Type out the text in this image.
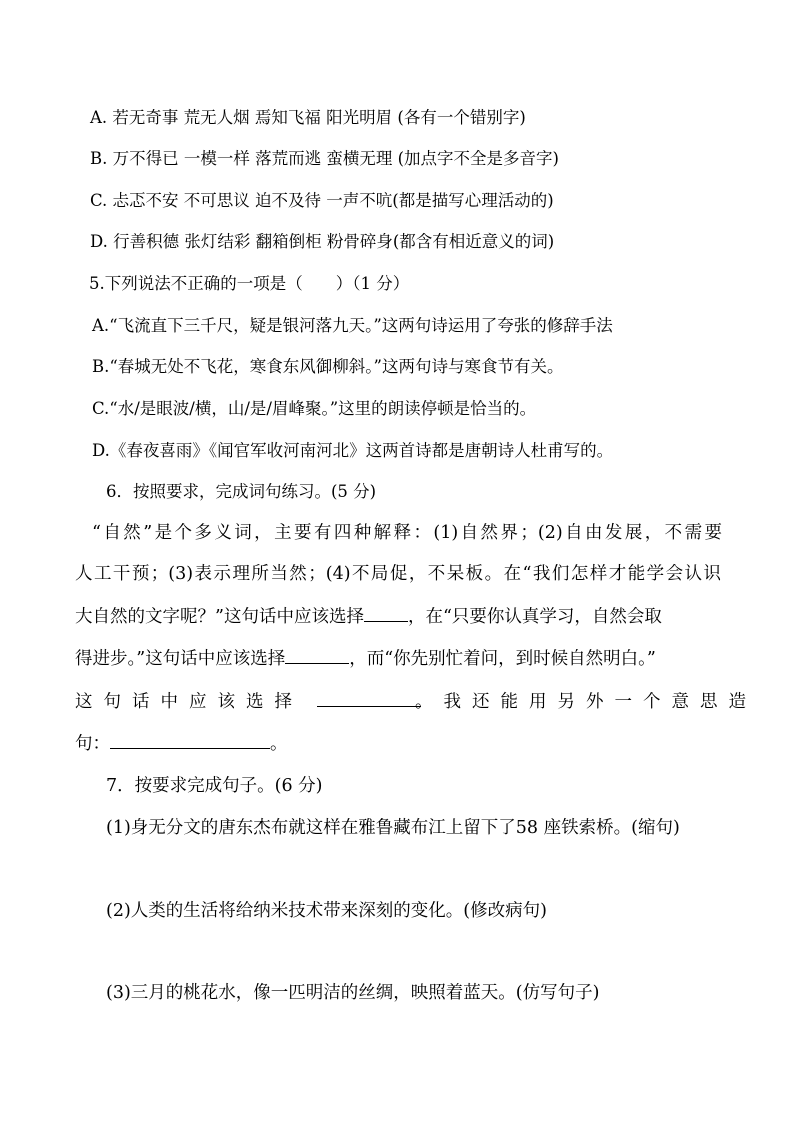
A. 若无奇事 荒无人烟 焉知飞福 阳光明眉 (各有一个错别字)
B. 万不得已 一模一样 落荒而逃 蛮横无理 (加点字不全是多音字)
C. 忐忑不安 不可思议 迫不及待 一声不吭(都是描写心理活动的)
D. 行善积德 张灯结彩 翻箱倒柜 粉骨碎身(都含有相近意义的词)
5.下列说法不正确的一项是（　　）（1 分）
A.“飞流直下三千尺，疑是银河落九天。”这两句诗运用了夸张的修辞手法
B.“春城无处不飞花，寒食东风御柳斜。”这两句诗与寒食节有关。
C.“水/是眼波/横，山/是/眉峰聚。”这里的朗读停顿是恰当的。
D.《春夜喜雨》《闻官军收河南河北》这两首诗都是唐朝诗人杜甫写的。
6．按照要求，完成词句练习。(5 分)
“自然”是个多义词，主要有四种解释：(1)自然界；(2)自由发展，不需要
人工干预；(3)表示理所当然；(4)不局促，不呆板。在“我们怎样才能学会认识
大自然的文字呢？”这句话中应该选择	，在“只要你认真学习，自然会取
得进步。”这句话中应该选择	，而“你先别忙着问，到时候自然明白。”
这句话中应该选择	。我还能用另外一个意思造
句：	。
7．按要求完成句子。(6 分)
(1)身无分文的唐东杰布就这样在雅鲁藏布江上留下了58 座铁索桥。(缩句)
(2)人类的生活将给纳米技术带来深刻的变化。(修改病句)
(3)三月的桃花水，像一匹明洁的丝绸，映照着蓝天。(仿写句子)
